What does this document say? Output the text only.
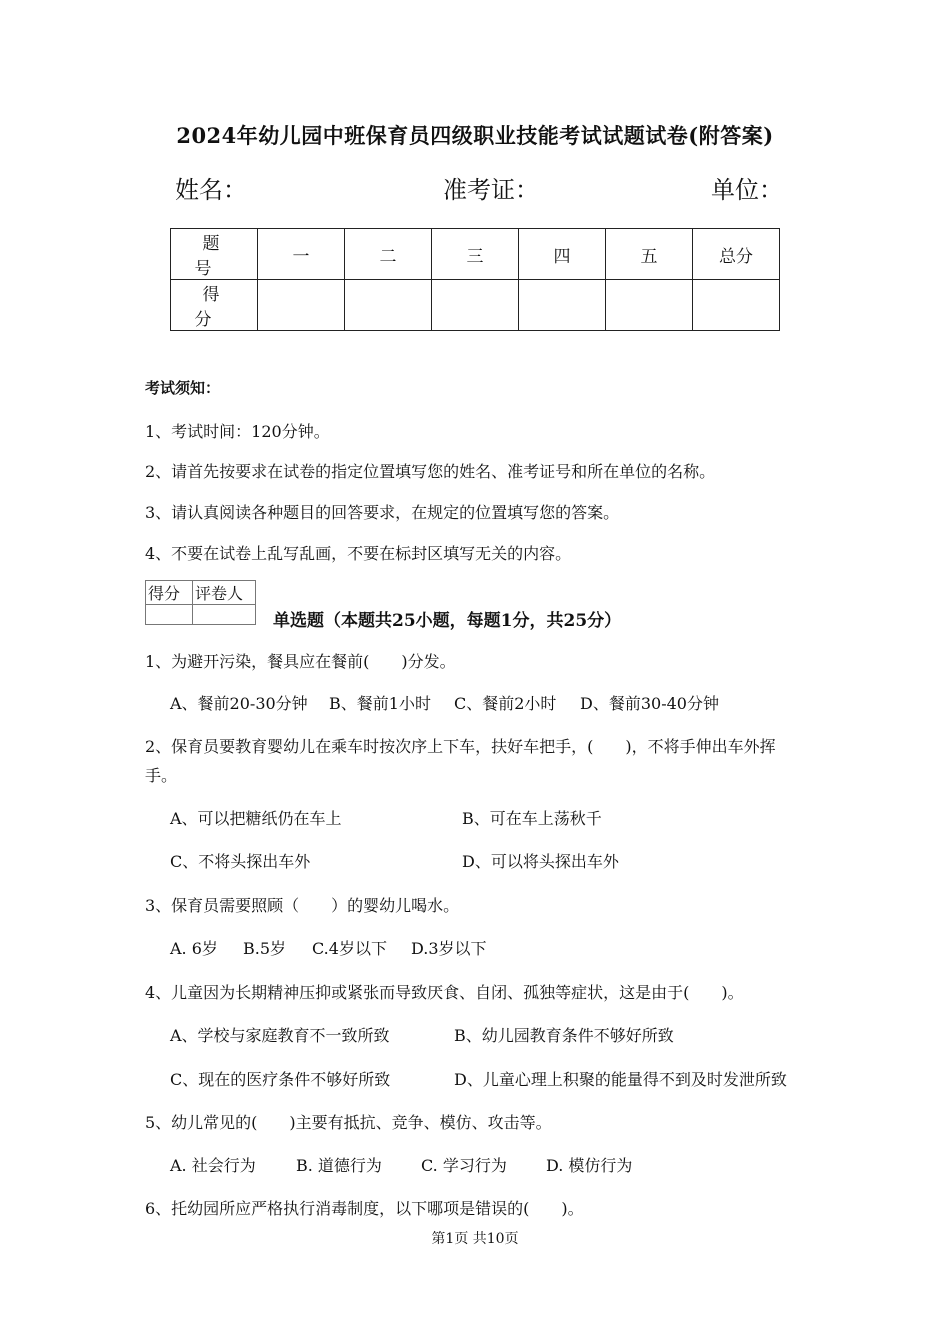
2024年幼儿园中班保育员四级职业技能考试试题试卷(附答案)
姓名：	准考证：	单位：
题 号	一	二	三	四	五	总分
得 分						
考试须知：
1、考试时间：120分钟。
2、请首先按要求在试卷的指定位置填写您的姓名、准考证号和所在单位的名称。
3、请认真阅读各种题目的回答要求，在规定的位置填写您的答案。
4、不要在试卷上乱写乱画，不要在标封区填写无关的内容。
得分	评卷人

单选题（本题共25小题，每题1分，共25分）
1、为避开污染，餐具应在餐前(　　)分发。
A、餐前20-30分钟 B、餐前1小时 C、餐前2小时 D、餐前30-40分钟
2、保育员要教育婴幼儿在乘车时按次序上下车，扶好车把手，(　　)，不将手伸出车外挥
手。
A、可以把糖纸仍在车上	B、可在车上荡秋千
C、不将头探出车外	D、可以将头探出车外
3、保育员需要照顾（　　）的婴幼儿喝水。
A. 6岁 B.5岁 C.4岁以下 D.3岁以下
4、儿童因为长期精神压抑或紧张而导致厌食、自闭、孤独等症状，这是由于(　　)。
A、学校与家庭教育不一致所致	B、幼儿园教育条件不够好所致
C、现在的医疗条件不够好所致	D、儿童心理上积聚的能量得不到及时发泄所致
5、幼儿常见的(　　)主要有抵抗、竞争、模仿、攻击等。
A. 社会行为	B. 道德行为 C. 学习行为 D. 模仿行为
6、托幼园所应严格执行消毒制度，以下哪项是错误的(　　)。
第1页 共10页
